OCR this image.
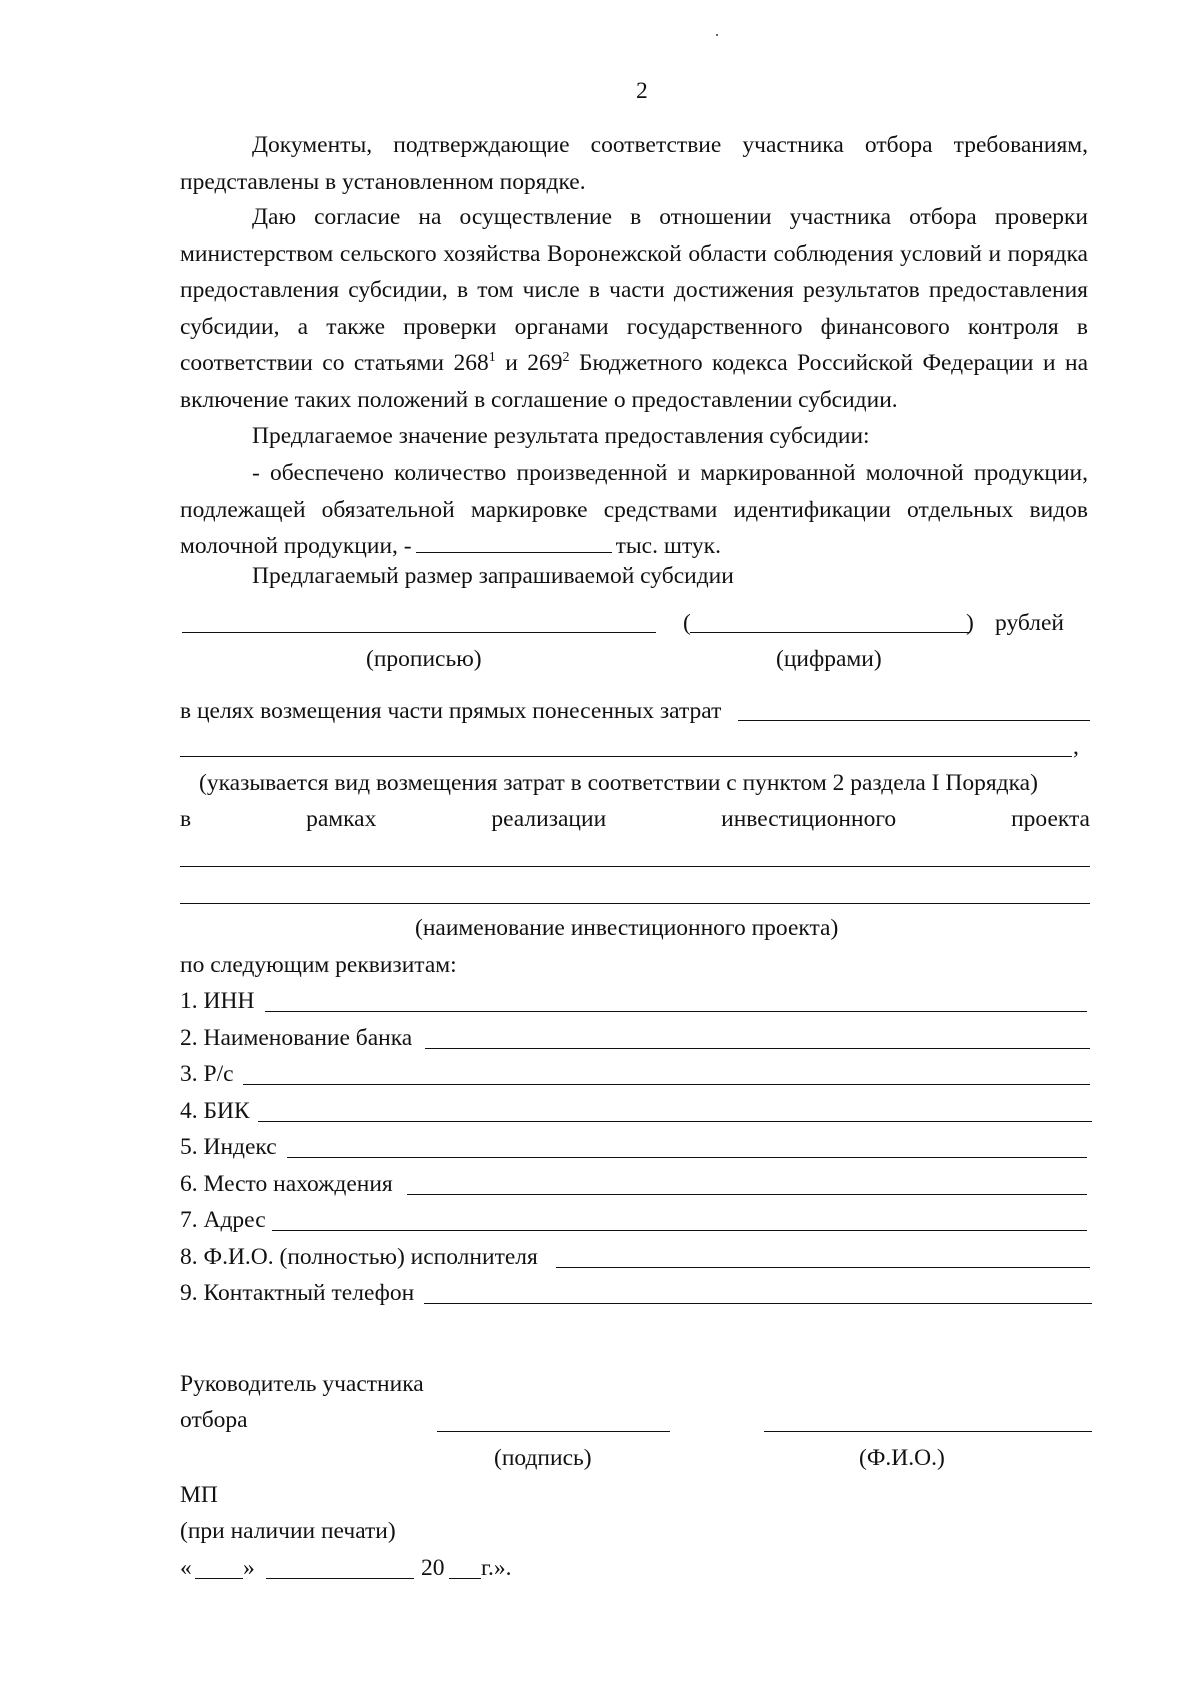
2
Документы, подтверждающие соответствие участника отбора требованиям, представлены в установленном порядке.
Даю согласие на осуществление в отношении участника отбора проверки министерством сельского хозяйства Воронежской области соблюдения условий и порядка предоставления субсидии, в том числе в части достижения результатов предоставления субсидии, а также проверки органами государственного финансового контроля в соответствии со статьями $268^1$ и $269^2$ Бюджетного кодекса Российской Федерации и на включение таких положений в соглашение о предоставлении субсидии.
Предлагаемое значение результата предоставления субсидии:
- обеспечено количество произведенной и маркированной молочной продукции, подлежащей обязательной маркировке средствами идентификации отдельных видов молочной продукции, -	тыс. штук.
Предлагаемый размер запрашиваемой субсидии
(	) рублей
(прописью)	(цифрами)
в целях возмещения части прямых понесенных затрат
,
(указывается вид возмещения затрат в соответствии с пунктом 2 раздела I Порядка)
в	рамках	реализации	инвестиционного	проекта
(наименование инвестиционного проекта)
по следующим реквизитам:
1. ИНН
2. Наименование банка
3. Р/с
4. БИК
5. Индекс
6. Место нахождения
7. Адрес
8. Ф.И.О. (полностью) исполнителя
9. Контактный телефон
Руководитель участника
отбора
(подпись)	(Ф.И.О.)
МП
(при наличии печати)
« »	20 г.».
